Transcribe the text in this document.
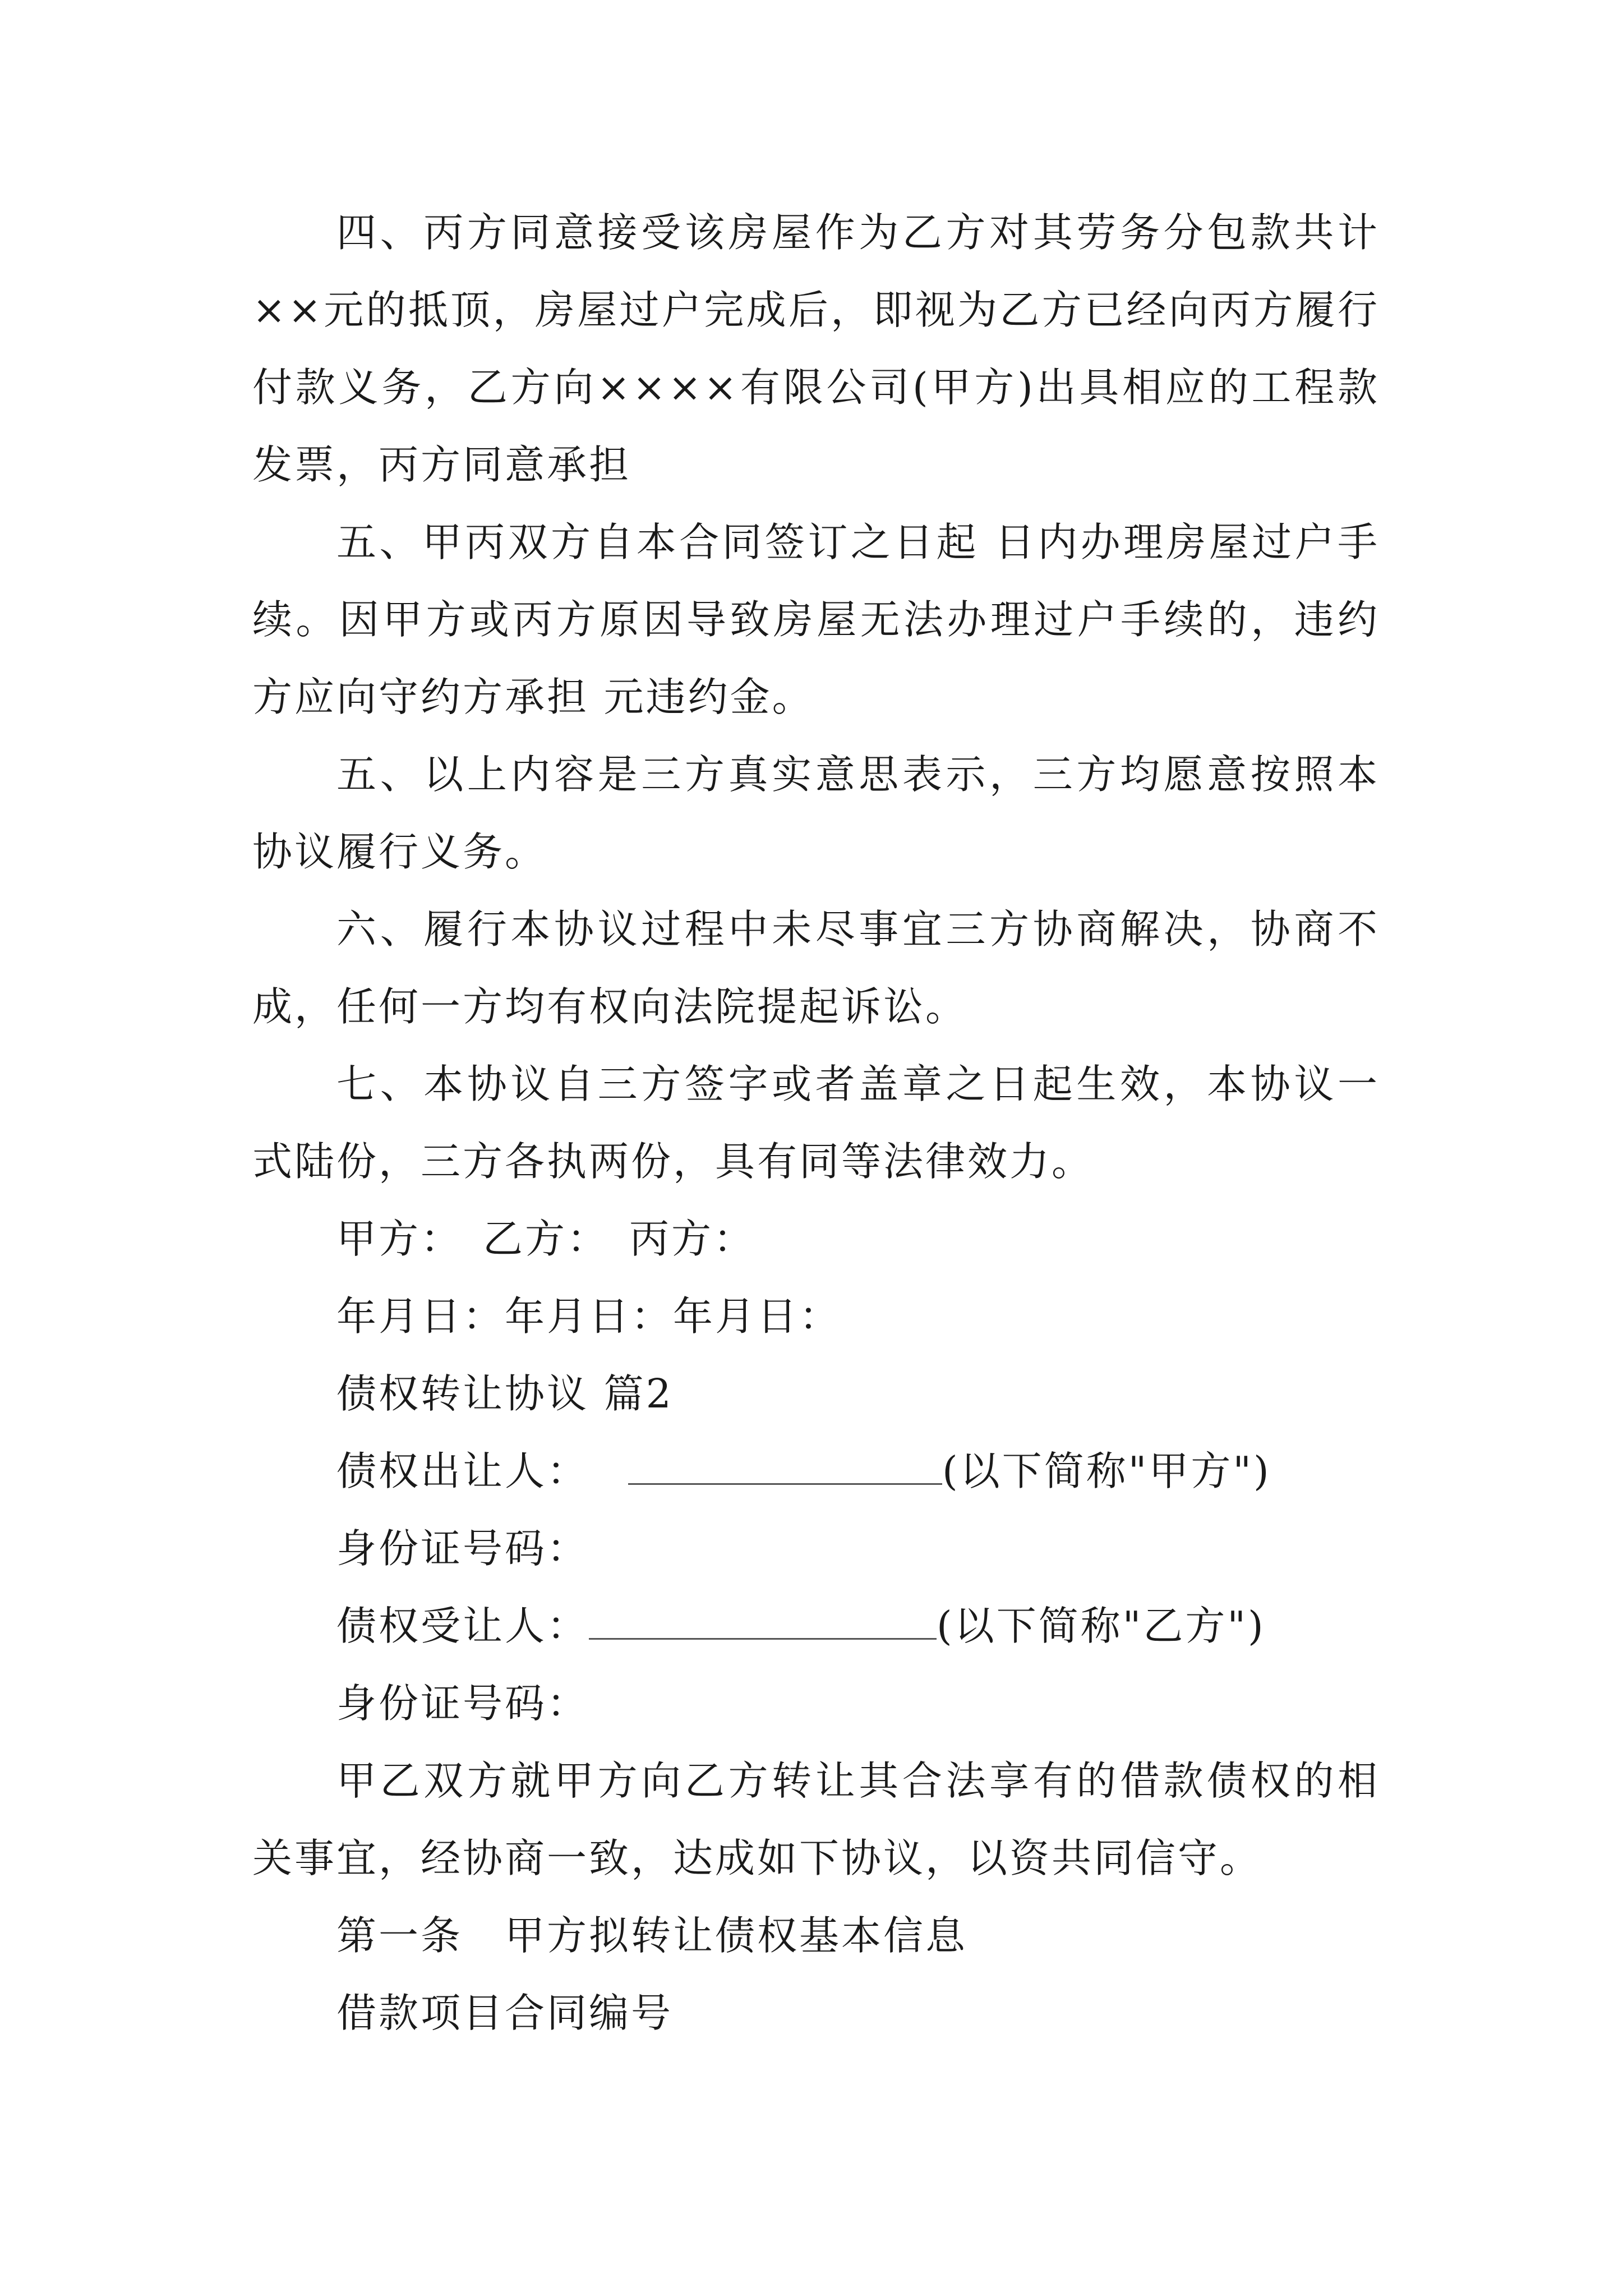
四、丙方同意接受该房屋作为乙方对其劳务分包款共计××元的抵顶，房屋过户完成后，即视为乙方已经向丙方履行付款义务，乙方向××××有限公司(甲方)出具相应的工程款发票，丙方同意承担

五、甲丙双方自本合同签订之日起 日内办理房屋过户手续。因甲方或丙方原因导致房屋无法办理过户手续的，违约方应向守约方承担 元违约金。

五、以上内容是三方真实意思表示，三方均愿意按照本协议履行义务。

六、履行本协议过程中未尽事宜三方协商解决，协商不成，任何一方均有权向法院提起诉讼。

七、本协议自三方签字或者盖章之日起生效，本协议一式陆份，三方各执两份，具有同等法律效力。

甲方： 乙方： 丙方：
年月日：年月日：年月日：
债权转让协议 篇2
债权出让人：	(以下简称"甲方")
身份证号码：
债权受让人：	(以下简称"乙方")
身份证号码：

甲乙双方就甲方向乙方转让其合法享有的借款债权的相关事宜，经协商一致，达成如下协议，以资共同信守。

第一条　甲方拟转让债权基本信息
借款项目合同编号
